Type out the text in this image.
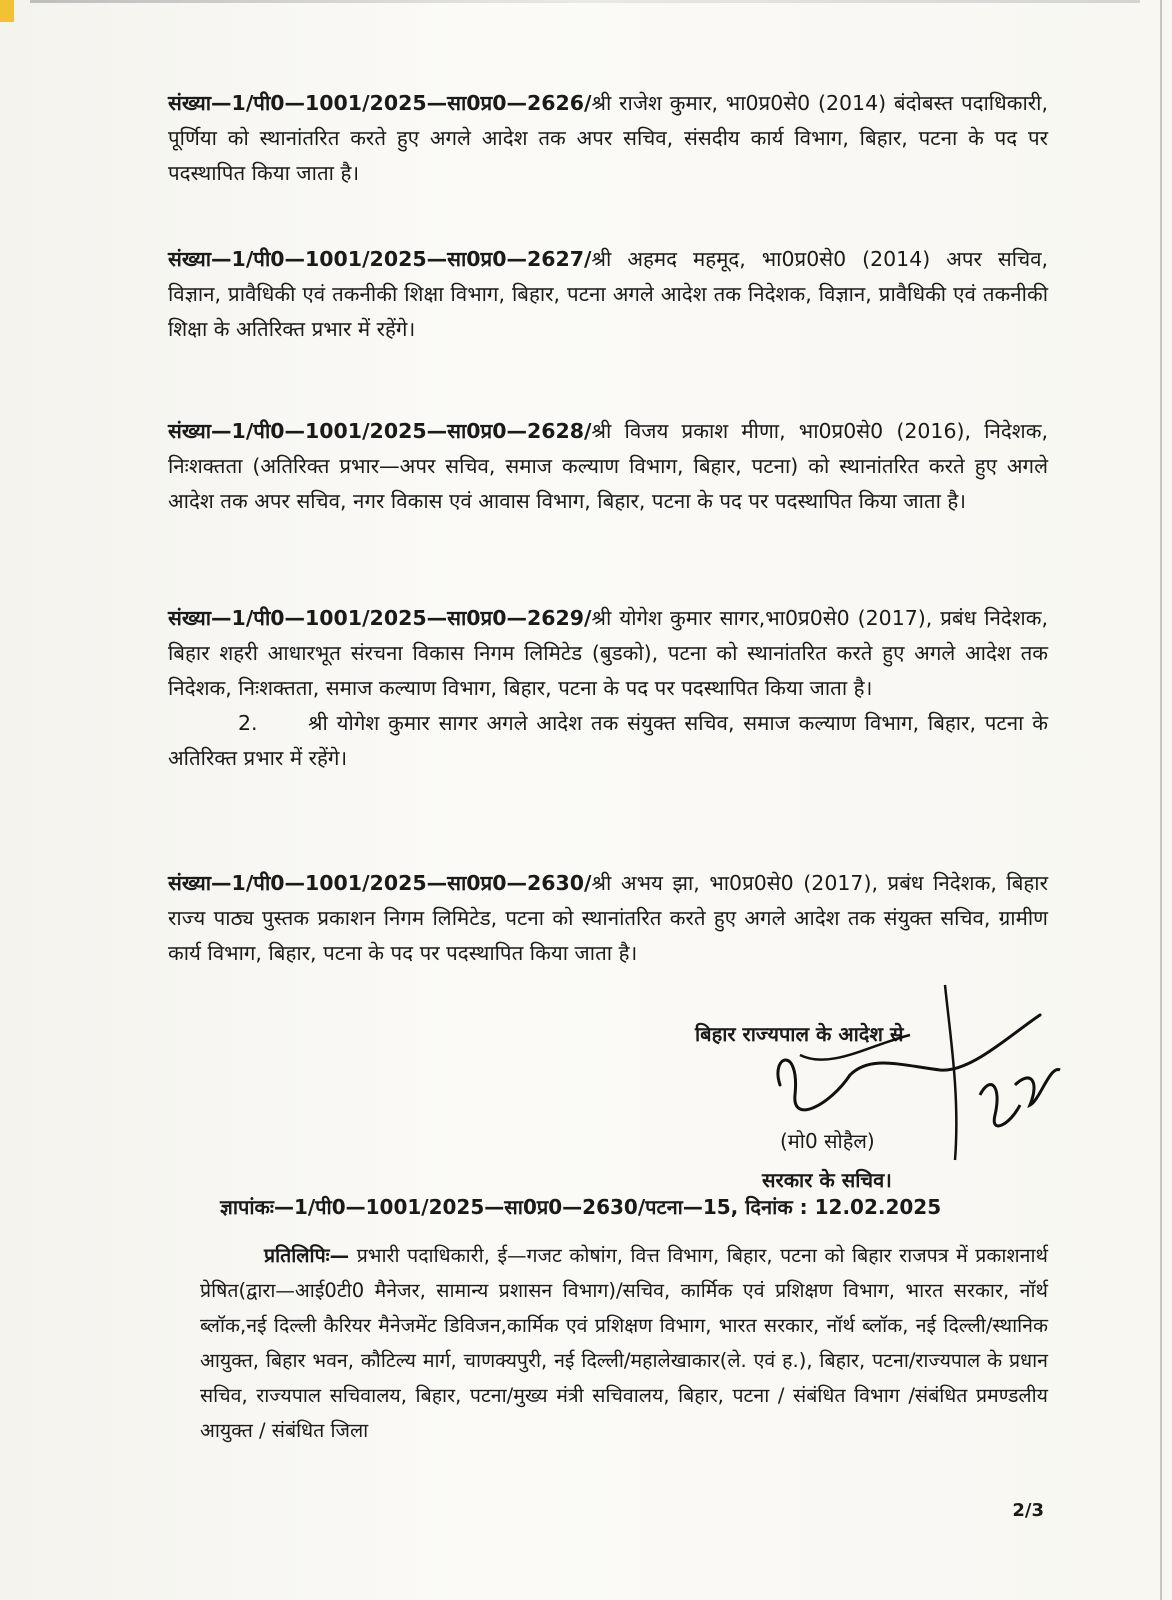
संख्या—1/पी0—1001/2025—सा0प्र0—2626/श्री राजेश कुमार, भा0प्र0से0 (2014) बंदोबस्त पदाधिकारी, पूर्णिया को स्थानांतरित करते हुए अगले आदेश तक अपर सचिव, संसदीय कार्य विभाग, बिहार, पटना के पद पर पदस्थापित किया जाता है।

संख्या—1/पी0—1001/2025—सा0प्र0—2627/श्री अहमद महमूद, भा0प्र0से0 (2014) अपर सचिव, विज्ञान, प्रावैधिकी एवं तकनीकी शिक्षा विभाग, बिहार, पटना अगले आदेश तक निदेशक, विज्ञान, प्रावैधिकी एवं तकनीकी शिक्षा के अतिरिक्त प्रभार में रहेंगे।

संख्या—1/पी0—1001/2025—सा0प्र0—2628/श्री विजय प्रकाश मीणा, भा0प्र0से0 (2016), निदेशक, निःशक्तता (अतिरिक्त प्रभार—अपर सचिव, समाज कल्याण विभाग, बिहार, पटना) को स्थानांतरित करते हुए अगले आदेश तक अपर सचिव, नगर विकास एवं आवास विभाग, बिहार, पटना के पद पर पदस्थापित किया जाता है।

संख्या—1/पी0—1001/2025—सा0प्र0—2629/श्री योगेश कुमार सागर,भा0प्र0से0 (2017), प्रबंध निदेशक, बिहार शहरी आधारभूत संरचना विकास निगम लिमिटेड (बुडको), पटना को स्थानांतरित करते हुए अगले आदेश तक निदेशक, निःशक्तता, समाज कल्याण विभाग, बिहार, पटना के पद पर पदस्थापित किया जाता है।

2. श्री योगेश कुमार सागर अगले आदेश तक संयुक्त सचिव, समाज कल्याण विभाग, बिहार, पटना के अतिरिक्त प्रभार में रहेंगे।

संख्या—1/पी0—1001/2025—सा0प्र0—2630/श्री अभय झा, भा0प्र0से0 (2017), प्रबंध निदेशक, बिहार राज्य पाठ्य पुस्तक प्रकाशन निगम लिमिटेड, पटना को स्थानांतरित करते हुए अगले आदेश तक संयुक्त सचिव, ग्रामीण कार्य विभाग, बिहार, पटना के पद पर पदस्थापित किया जाता है।

बिहार राज्यपाल के आदेश से
(मो0 सोहैल)
सरकार के सचिव।
ज्ञापांकः—1/पी0—1001/2025—सा0प्र0—2630/पटना—15, दिनांक : 12.02.2025
प्रतिलिपिः— प्रभारी पदाधिकारी, ई—गजट कोषांग, वित्त विभाग, बिहार, पटना को बिहार राजपत्र में प्रकाशनार्थ प्रेषित(द्वारा—आई0टी0 मैनेजर, सामान्य प्रशासन विभाग)/सचिव, कार्मिक एवं प्रशिक्षण विभाग, भारत सरकार, नॉर्थ ब्लॉक,नई दिल्ली कैरियर मैनेजमेंट डिविजन,कार्मिक एवं प्रशिक्षण विभाग, भारत सरकार, नॉर्थ ब्लॉक, नई दिल्ली/स्थानिक आयुक्त, बिहार भवन, कौटिल्य मार्ग, चाणक्यपुरी, नई दिल्ली/महालेखाकार(ले. एवं ह.), बिहार, पटना/राज्यपाल के प्रधान सचिव, राज्यपाल सचिवालय, बिहार, पटना/मुख्य मंत्री सचिवालय, बिहार, पटना / संबंधित विभाग /संबंधित प्रमण्डलीय आयुक्त / संबंधित जिला
2/3
